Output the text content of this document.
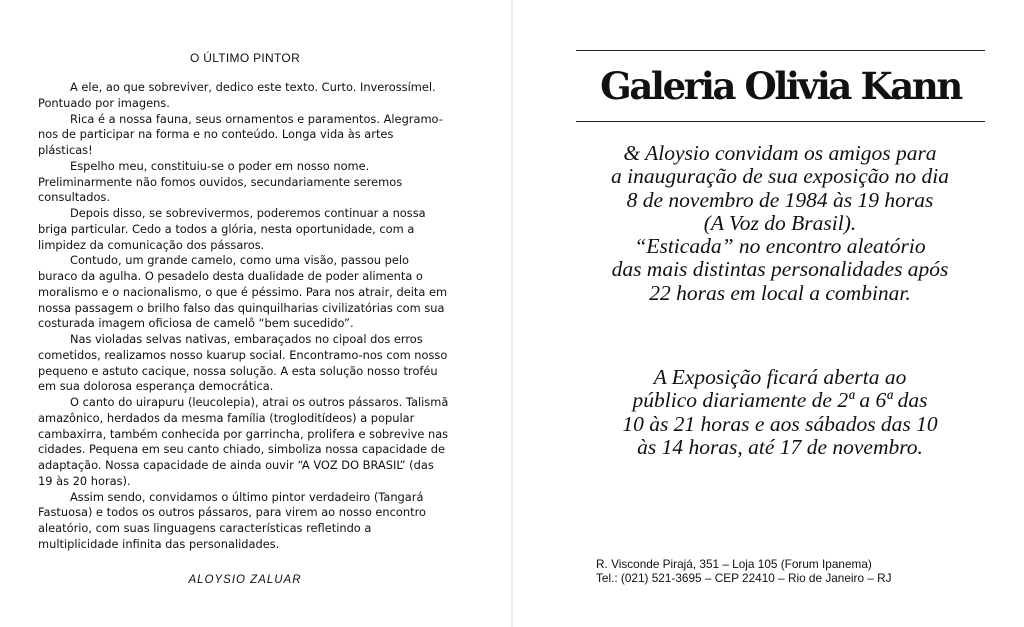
O ÚLTIMO PINTOR

A ele, ao que sobreviver, dedico este texto. Curto. Inverossímel. Pontuado por imagens.

Rica é a nossa fauna, seus ornamentos e paramentos. Alegramo-nos de participar na forma e no conteúdo. Longa vida às artes plásticas!

Espelho meu, constituiu-se o poder em nosso nome. Preliminarmente não fomos ouvidos, secundariamente seremos consultados.

Depois disso, se sobrevivermos, poderemos continuar a nossa briga particular. Cedo a todos a glória, nesta oportunidade, com a limpidez da comunicação dos pássaros.

Contudo, um grande camelo, como uma visão, passou pelo buraco da agulha. O pesadelo desta dualidade de poder alimenta o moralismo e o nacionalismo, o que é péssimo. Para nos atrair, deita em nossa passagem o brilho falso das quinquilharias civilizatórias com sua costurada imagem oficiosa de camelô “bem sucedido”.

Nas violadas selvas nativas, embaraçados no cipoal dos erros cometidos, realizamos nosso kuarup social. Encontramo-nos com nosso pequeno e astuto cacique, nossa solução. A esta solução nosso troféu em sua dolorosa esperança democrática.

O canto do uirapuru (leucolepia), atrai os outros pássaros. Talismã amazônico, herdados da mesma família (trogloditídeos) a popular cambaxirra, também conhecida por garrincha, prolifera e sobrevive nas cidades. Pequena em seu canto chiado, simboliza nossa capacidade de adaptação. Nossa capacidade de ainda ouvir “A VOZ DO BRASIL” (das 19 às 20 horas).

Assim sendo, convidamos o último pintor verdadeiro (Tangará Fastuosa) e todos os outros pássaros, para virem ao nosso encontro aleatório, com suas linguagens características refletindo a multiplicidade infinita das personalidades.

ALOYSIO ZALUAR
Galeria Olivia Kann
& Aloysio convidam os amigos para
a inauguração de sua exposição no dia
8 de novembro de 1984 às 19 horas
(A Voz do Brasil).
“Esticada” no encontro aleatório
das mais distintas personalidades após
22 horas em local a combinar.
A Exposição ficará aberta ao
público diariamente de 2ª a 6ª das
10 às 21 horas e aos sábados das 10
às 14 horas, até 17 de novembro.
R. Visconde Pirajá, 351 – Loja 105 (Forum Ipanema)
Tel.: (021) 521-3695 – CEP 22410 – Rio de Janeiro – RJ
